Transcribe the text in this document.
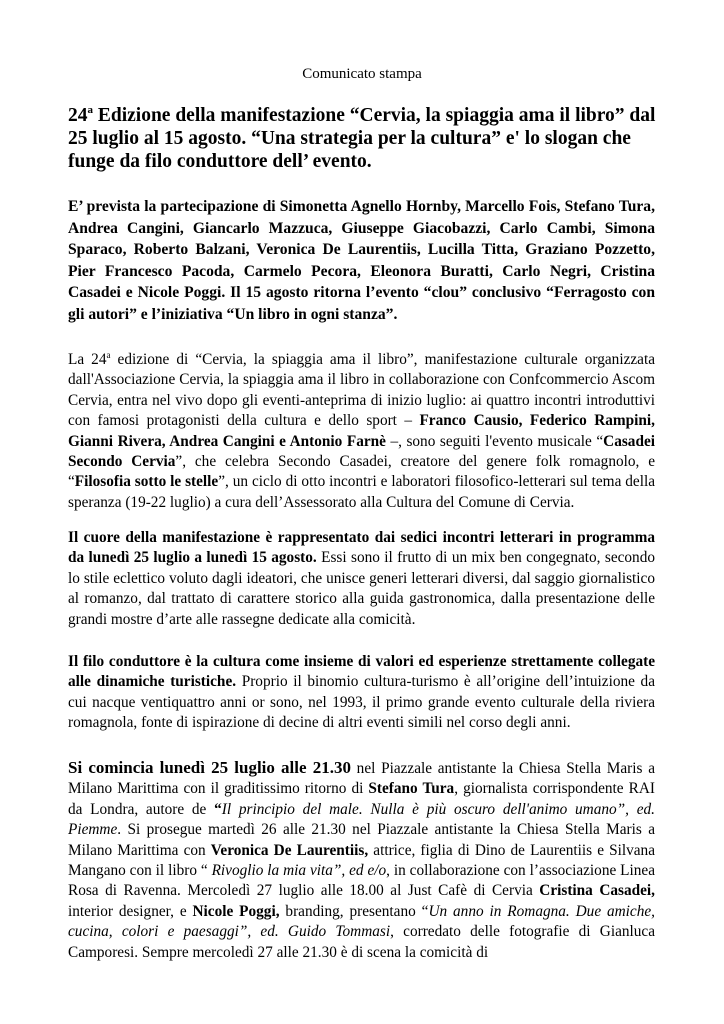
Comunicato stampa
24$^a$ Edizione della manifestazione “Cervia, la spiaggia ama il libro” dal 25 luglio al 15 agosto. “Una strategia per la cultura” e' lo slogan che funge da filo conduttore dell’ evento.

E’ prevista la partecipazione di Simonetta Agnello Hornby, Marcello Fois, Stefano Tura, Andrea Cangini, Giancarlo Mazzuca, Giuseppe Giacobazzi, Carlo Cambi, Simona Sparaco, Roberto Balzani, Veronica De Laurentiis, Lucilla Titta, Graziano Pozzetto, Pier Francesco Pacoda, Carmelo Pecora, Eleonora Buratti, Carlo Negri, Cristina Casadei e Nicole Poggi. Il 15 agosto ritorna l’evento “clou” conclusivo “Ferragosto con gli autori” e l’iniziativa “Un libro in ogni stanza”.

La 24$^a$ edizione di “Cervia, la spiaggia ama il libro”, manifestazione culturale organizzata dall'Associazione Cervia, la spiaggia ama il libro in collaborazione con Confcommercio Ascom Cervia, entra nel vivo dopo gli eventi-anteprima di inizio luglio: ai quattro incontri introduttivi con famosi protagonisti della cultura e dello sport – Franco Causio, Federico Rampini, Gianni Rivera, Andrea Cangini e Antonio Farnè –, sono seguiti l'evento musicale “Casadei Secondo Cervia”, che celebra Secondo Casadei, creatore del genere folk romagnolo, e “Filosofia sotto le stelle”, un ciclo di otto incontri e laboratori filosofico-letterari sul tema della speranza (19-22 luglio) a cura dell’Assessorato alla Cultura del Comune di Cervia.

Il cuore della manifestazione è rappresentato dai sedici incontri letterari in programma da lunedì 25 luglio a lunedì 15 agosto. Essi sono il frutto di un mix ben congegnato, secondo lo stile eclettico voluto dagli ideatori, che unisce generi letterari diversi, dal saggio giornalistico al romanzo, dal trattato di carattere storico alla guida gastronomica, dalla presentazione delle grandi mostre d’arte alle rassegne dedicate alla comicità.

Il filo conduttore è la cultura come insieme di valori ed esperienze strettamente collegate alle dinamiche turistiche. Proprio il binomio cultura-turismo è all’origine dell’intuizione da cui nacque ventiquattro anni or sono, nel 1993, il primo grande evento culturale della riviera romagnola, fonte di ispirazione di decine di altri eventi simili nel corso degli anni.

Si comincia lunedì 25 luglio alle 21.30 nel Piazzale antistante la Chiesa Stella Maris a Milano Marittima con il graditissimo ritorno di Stefano Tura, giornalista corrispondente RAI da Londra, autore de “Il principio del male. Nulla è più oscuro dell'animo umano”, ed. Piemme. Si prosegue martedì 26 alle 21.30 nel Piazzale antistante la Chiesa Stella Maris a Milano Marittima con Veronica De Laurentiis, attrice, figlia di Dino de Laurentiis e Silvana Mangano con il libro “ Rivoglio la mia vita”, ed e/o, in collaborazione con l’associazione Linea Rosa di Ravenna. Mercoledì 27 luglio alle 18.00 al Just Cafè di Cervia Cristina Casadei, interior designer, e Nicole Poggi, branding, presentano “Un anno in Romagna. Due amiche, cucina, colori e paesaggi”, ed. Guido Tommasi, corredato delle fotografie di Gianluca Camporesi. Sempre mercoledì 27 alle 21.30 è di scena la comicità di
